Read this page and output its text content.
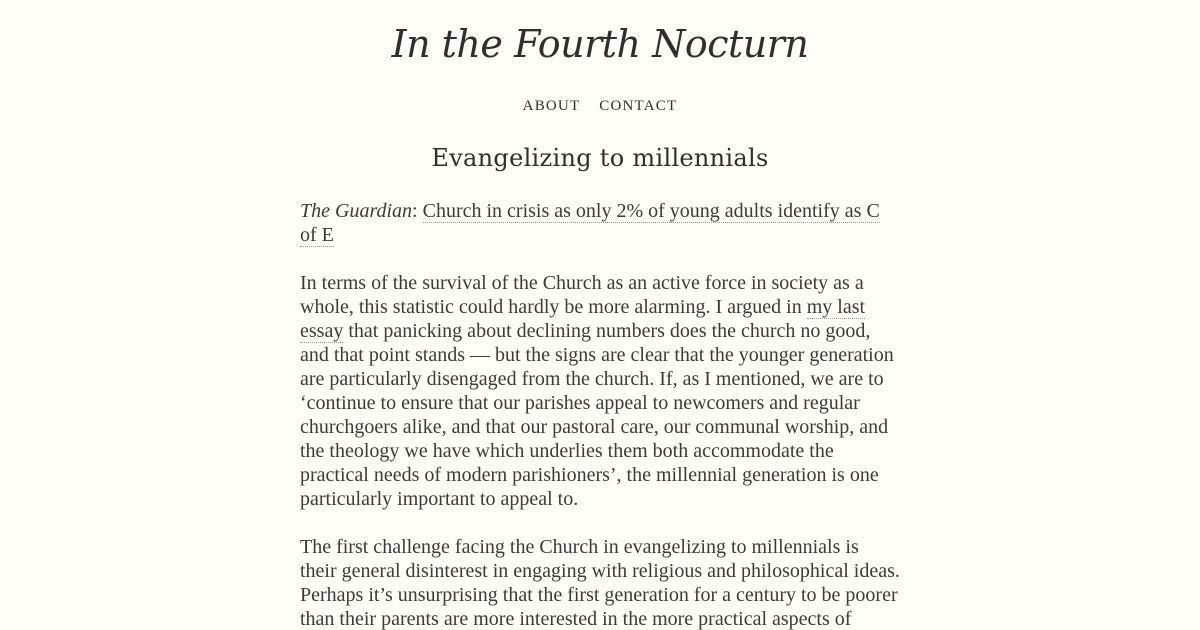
In the Fourth Nocturn
ABOUT CONTACT
Evangelizing to millennials

The Guardian: Church in crisis as only 2% of young adults identify as C of E

In terms of the survival of the Church as an active force in society as a whole, this statistic could hardly be more alarming. I argued in my last essay that panicking about declining numbers does the church no good, and that point stands — but the signs are clear that the younger generation are particularly disengaged from the church. If, as I mentioned, we are to ‘continue to ensure that our parishes appeal to newcomers and regular churchgoers alike, and that our pastoral care, our communal worship, and the theology we have which underlies them both accommodate the practical needs of modern parishioners’, the millennial generation is one particularly important to appeal to.

The first challenge facing the Church in evangelizing to millennials is their general disinterest in engaging with religious and philosophical ideas. Perhaps it’s unsurprising that the first generation for a century to be poorer than their parents are more interested in the more practical aspects of
